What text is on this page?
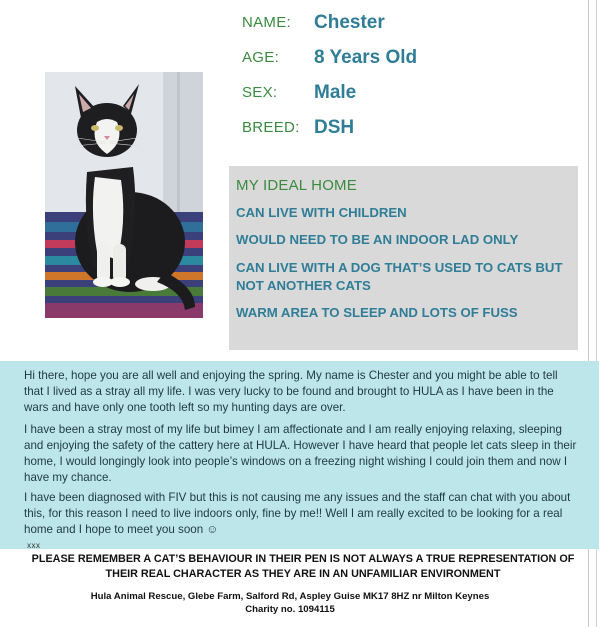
NAME:	Chester
AGE:	8 Years Old
SEX:	Male
BREED: DSH
MY IDEAL HOME
CAN LIVE WITH CHILDREN
WOULD NEED TO BE AN INDOOR LAD ONLY
CAN LIVE WITH A DOG THAT’S USED TO CATS BUT NOT ANOTHER CATS
WARM AREA TO SLEEP AND LOTS OF FUSS

Hi there, hope you are all well and enjoying the spring. My name is Chester and you might be able to tell that I lived as a stray all my life. I was very lucky to be found and brought to HULA as I have been in the wars and have only one tooth left so my hunting days are over.

I have been a stray most of my life but bimey I am affectionate and I am really enjoying relaxing, sleeping and enjoying the safety of the cattery here at HULA. However I have heard that people let cats sleep in their home, I would longingly look into people’s windows on a freezing night wishing I could join them and now I have my chance.

I have been diagnosed with FIV but this is not causing me any issues and the staff can chat with you about this, for this reason I need to live indoors only, fine by me!! Well I am really excited to be looking for a real home and I hope to meet you soon ☺

xxx
PLEASE REMEMBER A CAT’S BEHAVIOUR IN THEIR PEN IS NOT ALWAYS A TRUE REPRESENTATION OF THEIR REAL CHARACTER AS THEY ARE IN AN UNFAMILIAR ENVIRONMENT
Hula Animal Rescue, Glebe Farm, Salford Rd, Aspley Guise MK17 8HZ nr Milton Keynes
Charity no. 1094115
